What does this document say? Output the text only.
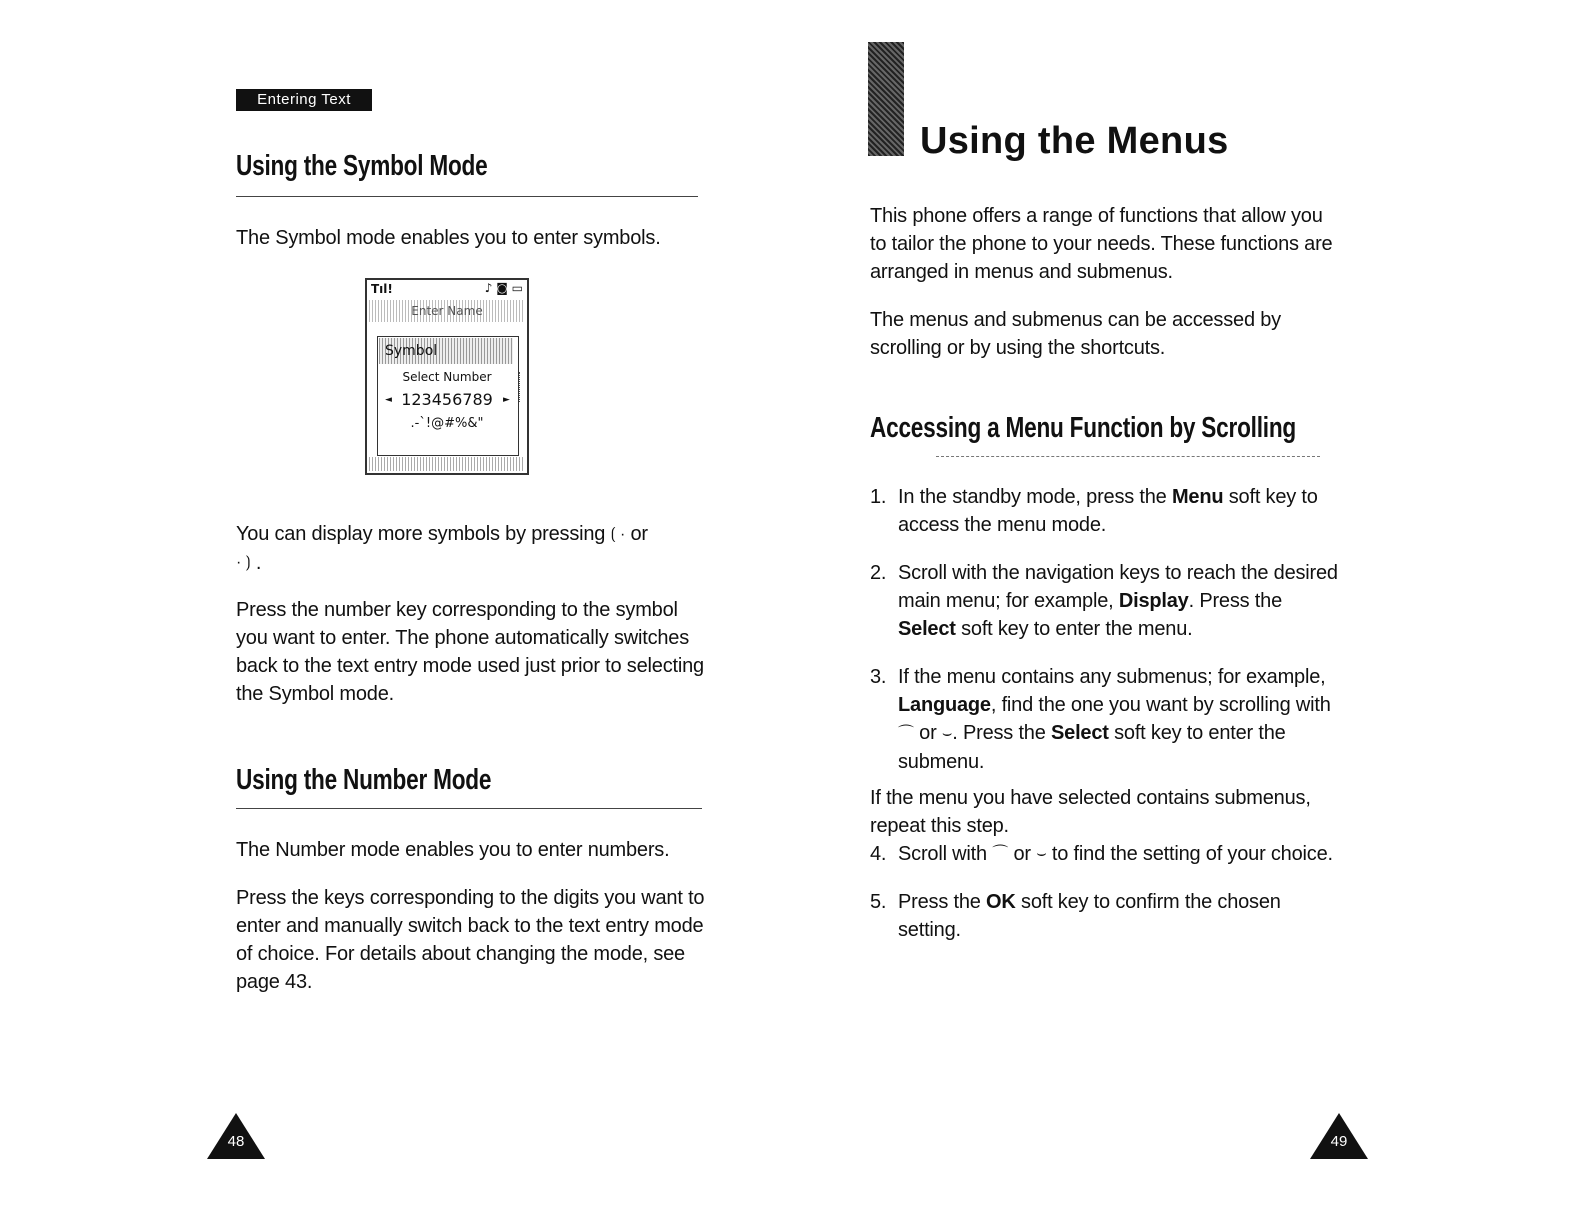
Entering Text
Using the Symbol Mode
The Symbol mode enables you to enter symbols.
Tıl!	♪ ◙ ▭
Enter Name
Symbol
Select Number
◄ 123456789	►
.-`!@#%&"
You can display more symbols by pressing ⟮ · or
· ⟯ .
Press the number key corresponding to the symbol you want to enter. The phone automatically switches back to the text entry mode used just prior to selecting the Symbol mode.
Using the Number Mode
The Number mode enables you to enter numbers.
Press the keys corresponding to the digits you want to enter and manually switch back to the text entry mode of choice. For details about changing the mode, see page 43.
48
Using the Menus
This phone offers a range of functions that allow you to tailor the phone to your needs. These functions are arranged in menus and submenus.
The menus and submenus can be accessed by scrolling or by using the shortcuts.
Accessing a Menu Function by Scrolling
1. In the standby mode, press the Menu soft key to access the menu mode.
2. Scroll with the navigation keys to reach the desired main menu; for example, Display. Press the Select soft key to enter the menu.
3. If the menu contains any submenus; for example, Language, find the one you want by scrolling with
⌒ or ⌣. Press the Select soft key to enter the submenu.

If the menu you have selected contains submenus, repeat this step.

4. Scroll with ⌒ or ⌣ to find the setting of your choice.
5. Press the OK soft key to confirm the chosen setting.
49
